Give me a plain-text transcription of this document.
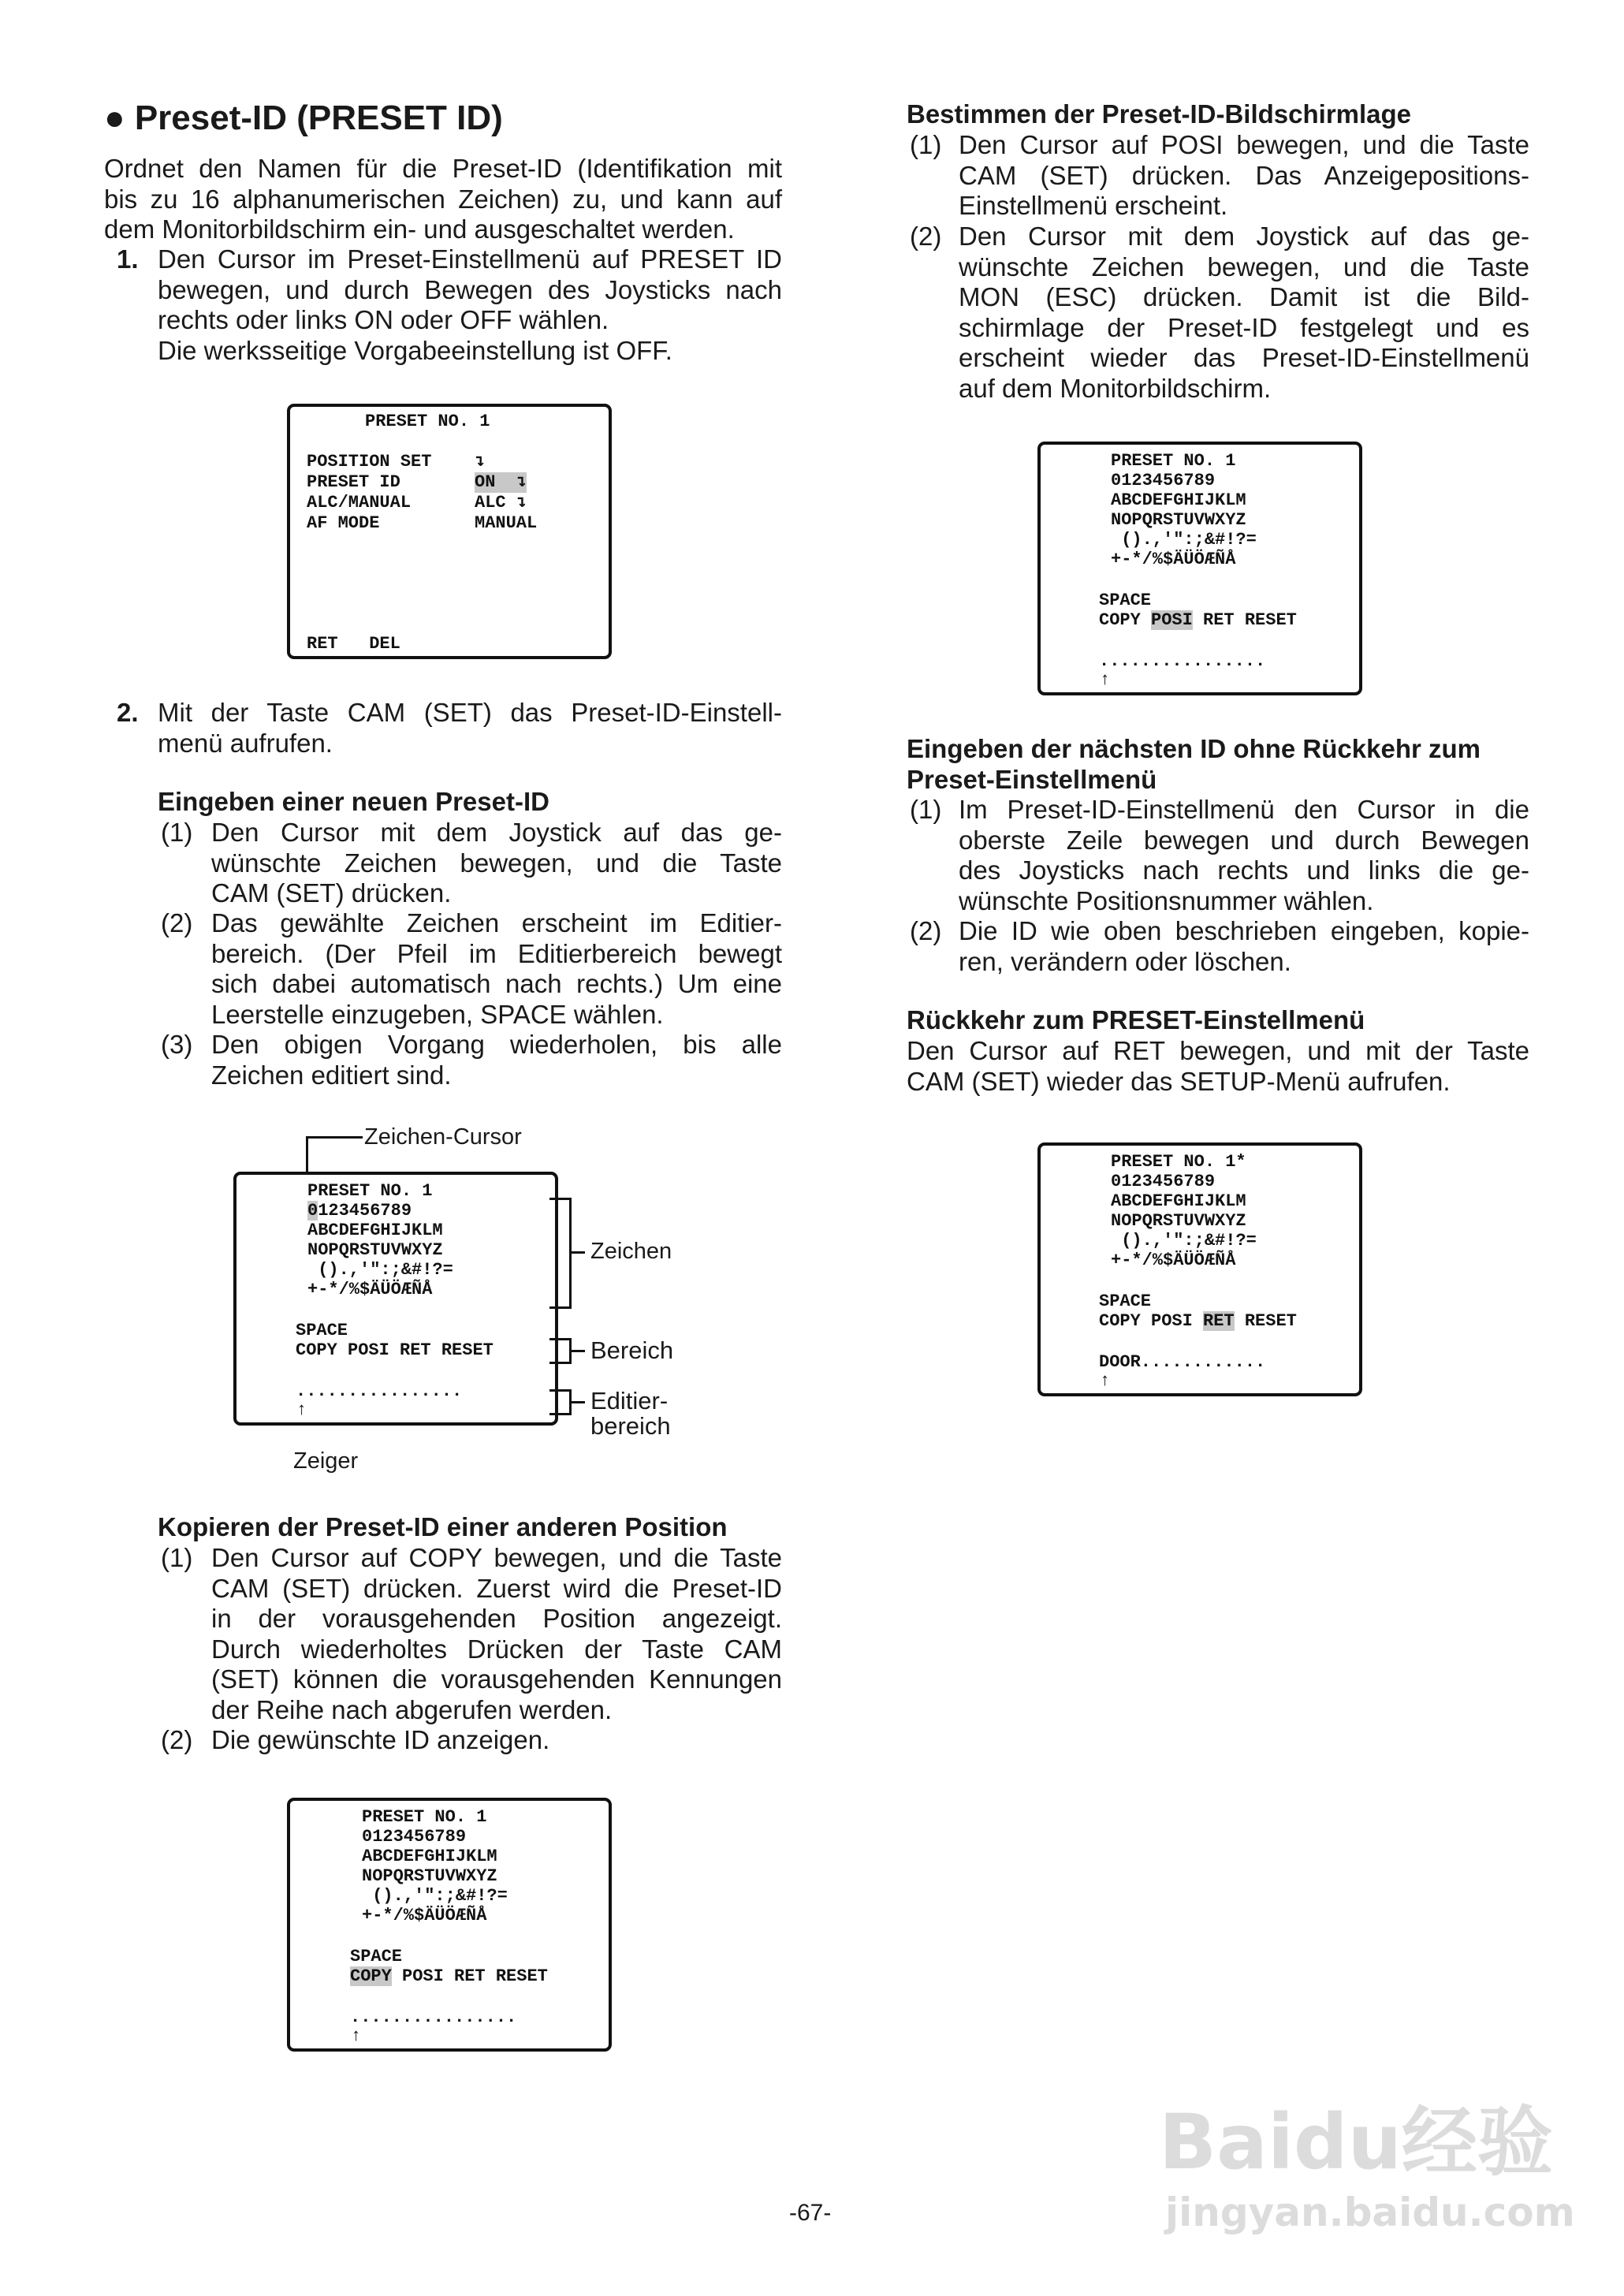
● Preset-ID (PRESET ID)
Ordnet den Namen für die Preset-ID (Identifikation mit
bis zu 16 alphanumerischen Zeichen) zu, und kann auf
dem Monitorbildschirm ein- und ausgeschaltet werden.
1. Den Cursor im Preset-Einstellmenü auf PRESET ID
bewegen, und durch Bewegen des Joysticks nach
rechts oder links ON oder OFF wählen.
Die werksseitige Vorgabeeinstellung ist OFF.
PRESET NO. 1
POSITION SET ↴
PRESET ID	ON  ↴
ALC/MANUAL	ALC ↴
AF MODE	MANUAL
RET   DEL
2. Mit der Taste CAM (SET) das Preset-ID-Einstell-
menü aufrufen.
Eingeben einer neuen Preset-ID
(1) Den Cursor mit dem Joystick auf das ge-
wünschte Zeichen bewegen, und die Taste
CAM (SET) drücken.
(2) Das gewählte Zeichen erscheint im Editier-
bereich. (Der Pfeil im Editierbereich bewegt
sich dabei automatisch nach rechts.) Um eine
Leerstelle einzugeben, SPACE wählen.
(3) Den obigen Vorgang wiederholen, bis alle
Zeichen editiert sind.
Zeichen-Cursor
PRESET NO. 1
0123456789
ABCDEFGHIJKLM
NOPQRSTUVWXYZ
().,'":;&#!?=
+-*/%$ÄÜÖÆÑÅ
SPACE
COPY POSI RET RESET
................
↑
Zeichen
Bereich
Editier-
bereich
Zeiger
Kopieren der Preset-ID einer anderen Position
(1) Den Cursor auf COPY bewegen, und die Taste
CAM (SET) drücken. Zuerst wird die Preset-ID
in der vorausgehenden Position angezeigt.
Durch wiederholtes Drücken der Taste CAM
(SET) können die vorausgehenden Kennungen
der Reihe nach abgerufen werden.
(2) Die gewünschte ID anzeigen.
PRESET NO. 1
0123456789
ABCDEFGHIJKLM
NOPQRSTUVWXYZ
().,'":;&#!?=
+-*/%$ÄÜÖÆÑÅ
SPACE
COPY POSI RET RESET
................
↑
Bestimmen der Preset-ID-Bildschirmlage
(1) Den Cursor auf POSI bewegen, und die Taste
CAM (SET) drücken. Das Anzeigepositions-
Einstellmenü erscheint.
(2) Den Cursor mit dem Joystick auf das ge-
wünschte Zeichen bewegen, und die Taste
MON (ESC) drücken. Damit ist die Bild-
schirmlage der Preset-ID festgelegt und es
erscheint wieder das Preset-ID-Einstellmenü
auf dem Monitorbildschirm.
PRESET NO. 1
0123456789
ABCDEFGHIJKLM
NOPQRSTUVWXYZ
().,'":;&#!?=
+-*/%$ÄÜÖÆÑÅ
SPACE
COPY POSI RET RESET
................
↑
Eingeben der nächsten ID ohne Rückkehr zum
Preset-Einstellmenü
(1) Im Preset-ID-Einstellmenü den Cursor in die
oberste Zeile bewegen und durch Bewegen
des Joysticks nach rechts und links die ge-
wünschte Positionsnummer wählen.
(2) Die ID wie oben beschrieben eingeben, kopie-
ren, verändern oder löschen.
Rückkehr zum PRESET-Einstellmenü
Den Cursor auf RET bewegen, und mit der Taste
CAM (SET) wieder das SETUP-Menü aufrufen.
PRESET NO. 1*
0123456789
ABCDEFGHIJKLM
NOPQRSTUVWXYZ
().,'":;&#!?=
+-*/%$ÄÜÖÆÑÅ
SPACE
COPY POSI RET RESET
DOOR............
↑
-67-
Baidu经验
jingyan.baidu.com
